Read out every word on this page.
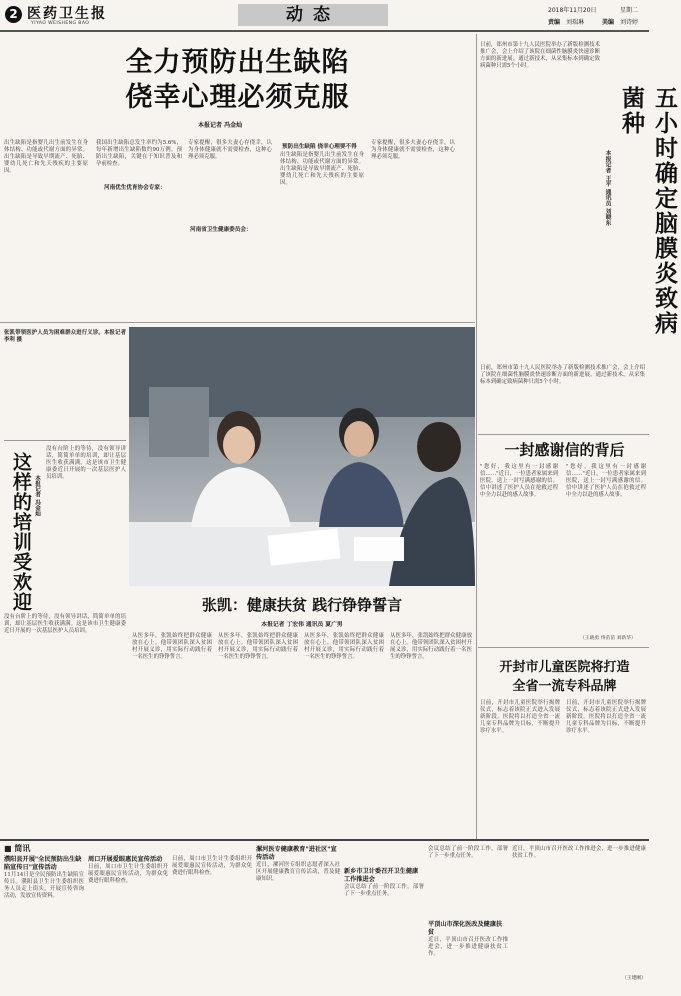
2 医药卫生报
YIYAO WEISHENG BAO	动态	2018年11月20日	星期二
责编 刘瑞琳	美编 刘诗婷
全力预防出生缺陷
侥幸心理必须克服
本报记者 冯金灿
出生缺陷是指婴儿出生前发生在身体结构、功能或代谢方面的异常。出生缺陷是导致早期流产、死胎、婴幼儿死亡和先天残疾的主要原因。
我国出生缺陷总发生率约为5.6%，每年新增出生缺陷数约90万例。预防出生缺陷，关键在于知识普及和孕前检查。
河南优生优育协会专家：
专家提醒，很多夫妻心存侥幸，认为身体健康就不需要检查，这种心理必须克服。
河南省卫生健康委员会：
预防出生缺陷 侥幸心理要不得
出生缺陷是指婴儿出生前发生在身体结构、功能或代谢方面的异常。出生缺陷是导致早期流产、死胎、婴幼儿死亡和先天残疾的主要原因。
专家提醒，很多夫妻心存侥幸，认为身体健康就不需要检查，这种心理必须克服。
日前，郑州市第十九人民医院举办了新版检测技术推广会，会上介绍了该院在细菌性脑膜炎快速诊断方面的新进展。通过新技术，从采集标本到确定致病菌种只需5个小时。
五小时确定脑膜炎致病菌种
本报记者 王平 通讯员 刘晓东
日前，郑州市第十九人民医院举办了新版检测技术推广会，会上介绍了该院在细菌性脑膜炎快速诊断方面的新进展。通过新技术，从采集标本到确定致病菌种只需5个小时。
一封感谢信的背后
"您好，我这里有一封感谢信……"近日，一位患者家属来到医院，送上一封写满感谢的信。信中讲述了医护人员在抢救过程中全力以赴的感人故事。
"您好，我这里有一封感谢信……"近日，一位患者家属来到医院，送上一封写满感谢的信。信中讲述了医护人员在抢救过程中全力以赴的感人故事。
（王晓勇 佟苗苗 刘新华）
开封市儿童医院将打造
全省一流专科品牌
日前，开封市儿童医院举行揭牌仪式，标志着该院正式进入发展新阶段。医院将以打造全省一流儿童专科品牌为目标，不断提升诊疗水平。
日前，开封市儿童医院举行揭牌仪式，标志着该院正式进入发展新阶段。医院将以打造全省一流儿童专科品牌为目标，不断提升诊疗水平。
张凯带领医护人员为困难群众进行义诊。本报记者 李利 摄
这样的培训受欢迎 本报记者 冯金灿
没有台阶上的等待，没有领导讲话，简简单单的培训，却让基层医生收获满满。这是该市卫生健康委近日开展的一次基层医护人员培训。
没有台阶上的等待，没有领导讲话，简简单单的培训，却让基层医生收获满满。这是该市卫生健康委近日开展的一次基层医护人员培训。
张凯：健康扶贫 践行铮铮誓言
本报记者 丁宏伟 通讯员 夏广男
从医多年，张凯始终把群众健康放在心上。他带领团队深入贫困村开展义诊，用实际行动践行着一名医生的铮铮誓言。
从医多年，张凯始终把群众健康放在心上。他带领团队深入贫困村开展义诊，用实际行动践行着一名医生的铮铮誓言。
从医多年，张凯始终把群众健康放在心上。他带领团队深入贫困村开展义诊，用实际行动践行着一名医生的铮铮誓言。
从医多年，张凯始终把群众健康放在心上。他带领团队深入贫困村开展义诊，用实际行动践行着一名医生的铮铮誓言。
■ 简讯
濮阳县开展"全民预防出生缺陷宣传日"宣传活动
11月14日是全民预防出生缺陷宣传日。濮阳县卫生计生委组织医务人员走上街头，开展宣传咨询活动，发放宣传资料。
周口开展爱眼惠民宣传活动
日前，周口市卫生计生委组织开展爱眼惠民宣传活动，为群众免费进行眼科检查。
日前，周口市卫生计生委组织开展爱眼惠民宣传活动，为群众免费进行眼科检查。
漯河医专健康教育"进社区"宣传活动
近日，漯河医专组织志愿者深入社区开展健康教育宣传活动，普及健康知识。
新乡市卫计委召开卫生健康工作推进会
会议总结了前一阶段工作，部署了下一步重点任务。
会议总结了前一阶段工作，部署了下一步重点任务。
平顶山市深化医改及健康扶贫
近日，平顶山市召开医改工作推进会，进一步推进健康扶贫工作。
近日，平顶山市召开医改工作推进会，进一步推进健康扶贫工作。
（王建刚）
